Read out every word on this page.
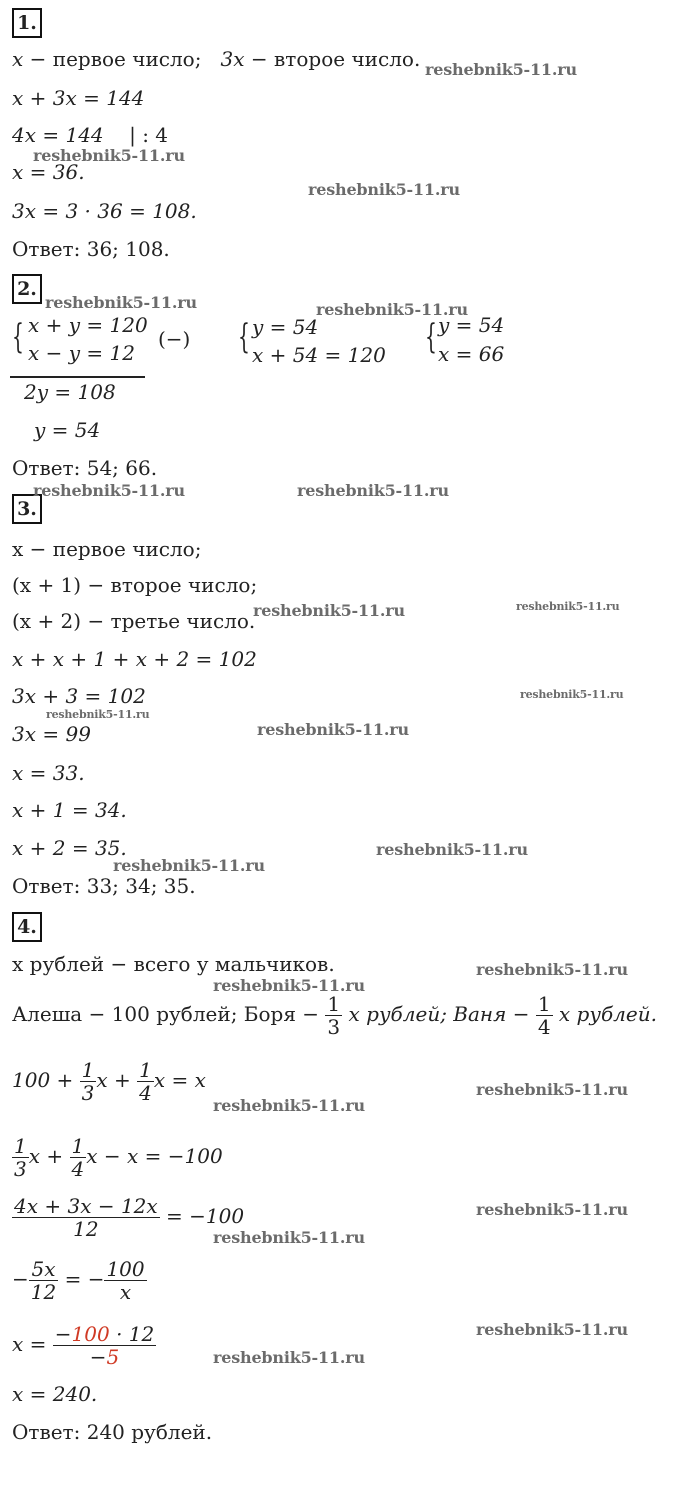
1.
x − первое число; 3x − второе число.
x + 3x = 144
4x = 144 | : 4
x = 36.
3x = 3 · 36 = 108.
Ответ: 36; 108.
2.
{ x + y = 120
x − y = 12
(−) { y = 54
x + 54 = 120 { y = 54
x = 66
2y = 108
y = 54
Ответ: 54; 66.
3.
x − первое число;
(x + 1) − второе число;
(x + 2) − третье число.
x + x + 1 + x + 2 = 102
3x + 3 = 102
3x = 99
x = 33.
x + 1 = 34.
x + 2 = 35.
Ответ: 33; 34; 35.
4.
x рублей − всего у мальчиков.
Алеша − 100 рублей; Боря − $\frac{1}{3}$ x рублей; Ваня − $\frac{1}{4}$ x рублей.
$100 + \frac{1}{3}$ $x + \frac{1}{4}$ x = x
$\frac{1}{3}$ $x + \frac{1}{4}$ x − x = −100
$\frac{4x + 3x - 12x}{12} = -100$
− $\frac{5x}{12}$ = − $\frac{100}{x}$
$x = \frac{-100 \cdot 12}{-5}$
x = 240.
Ответ: 240 рублей.
reshebnik5-11.ru
reshebnik5-11.ru
reshebnik5-11.ru
reshebnik5-11.ru	reshebnik5-11.ru
reshebnik5-11.ru	reshebnik5-11.ru
reshebnik5-11.ru	reshebnik5-11.ru
reshebnik5-11.ru
reshebnik5-11.ru
reshebnik5-11.ru
reshebnik5-11.ru
reshebnik5-11.ru
reshebnik5-11.ru
reshebnik5-11.ru
reshebnik5-11.ru
reshebnik5-11.ru
reshebnik5-11.ru
reshebnik5-11.ru
reshebnik5-11.ru
reshebnik5-11.ru
